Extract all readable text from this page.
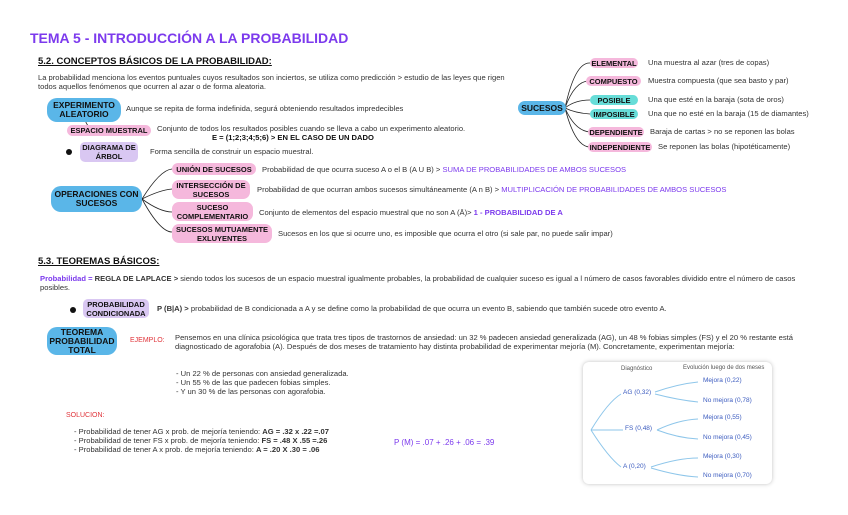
TEMA 5 - INTRODUCCIÓN A LA PROBABILIDAD
5.2. CONCEPTOS BÁSICOS DE LA PROBABILIDAD:
La probabilidad menciona los eventos puntuales cuyos resultados son inciertos, se utiliza como predicción > estudio de las leyes que rigen todos aquellos fenómenos que ocurren al azar o de forma aleatoria.
EXPERIMENTO ALEATORIO
Aunque se repita de forma indefinida, segurá obteniendo resultados impredecibles
ESPACIO MUESTRAL	Conjunto de todos los resultados posibles cuando se lleva a cabo un experimento aleatorio.
E = (1;2;3;4;5;6) > EN EL CASO DE UN DADO
DIAGRAMA DE ÁRBOL
Forma sencilla de construir un espacio muestral.
OPERACIONES CON SUCESOS
UNIÓN DE SUCESOS	Probabilidad de que ocurra suceso A o el B (A U B) > SUMA DE PROBABILIDADES DE AMBOS SUCESOS
INTERSECCIÓN DE SUCESOS	Probabilidad de que ocurran ambos sucesos simultáneamente (A n B) > MULTIPLICACIÓN DE PROBABILIDADES DE AMBOS SUCESOS
SUCESO COMPLEMENTARIO	Conjunto de elementos del espacio muestral que no son A (Ā)> 1 - PROBABILIDAD DE A
SUCESOS MUTUAMENTE EXLUYENTES	Sucesos en los que si ocurre uno, es imposible que ocurra el otro (si sale par, no puede salir impar)
SUCESOS
ELEMENTAL Una muestra al azar (tres de copas)
COMPUESTO	Muestra compuesta (que sea basto y par)
POSIBLE	Una que esté en la baraja (sota de oros)
IMPOSIBLE	Una que no esté en la baraja (15 de diamantes)
DEPENDIENTE Baraja de cartas > no se reponen las bolas
INDEPENDIENTE Se reponen las bolas (hipotéticamente)
5.3. TEOREMAS BÁSICOS:
Probabilidad = REGLA DE LAPLACE > siendo todos los sucesos de un espacio muestral igualmente probables, la probabilidad de cualquier suceso es igual a l número de casos favorables dividido entre el número de casos posibles.
PROBABILIDAD CONDICIONADA	P (B|A) > probabilidad de B condicionada a A y se define como la probabilidad de que ocurra un evento B, sabiendo que también sucede otro evento A.
TEOREMA PROBABILIDAD TOTAL
EJEMPLO: Pensemos en una clínica psicológica que trata tres tipos de trastornos de ansiedad: un 32 % padecen ansiedad generalizada (AG), un 48 % fobias simples (FS) y el 20 % restante está diagnosticado de agorafobia (A). Después de dos meses de tratamiento hay distinta probabilidad de experimentar mejoría (M). Concretamente, experimentan mejoría:
- Un 22 % de personas con ansiedad generalizada.
- Un 55 % de las que padecen fobias simples.
- Y un 30 % de las personas con agorafobia.
SOLUCION:
- Probabilidad de tener AG x prob. de mejoría teniendo: AG = .32 x .22 =.07
- Probabilidad de tener FS x prob. de mejoría teniendo: FS = .48 X .55 =.26
- Probabilidad de tener A x prob. de mejoría teniendo: A = .20 X .30 = .06
P (M) = .07 + .26 + .06 = .39
Diagnóstico	Evolución luego de dos meses
AG (0,32)
FS (0,48)
A (0,20)
Mejora (0,22)
No mejora (0,78)
Mejora (0,55)
No mejora (0,45)
Mejora (0,30)
No mejora (0,70)
